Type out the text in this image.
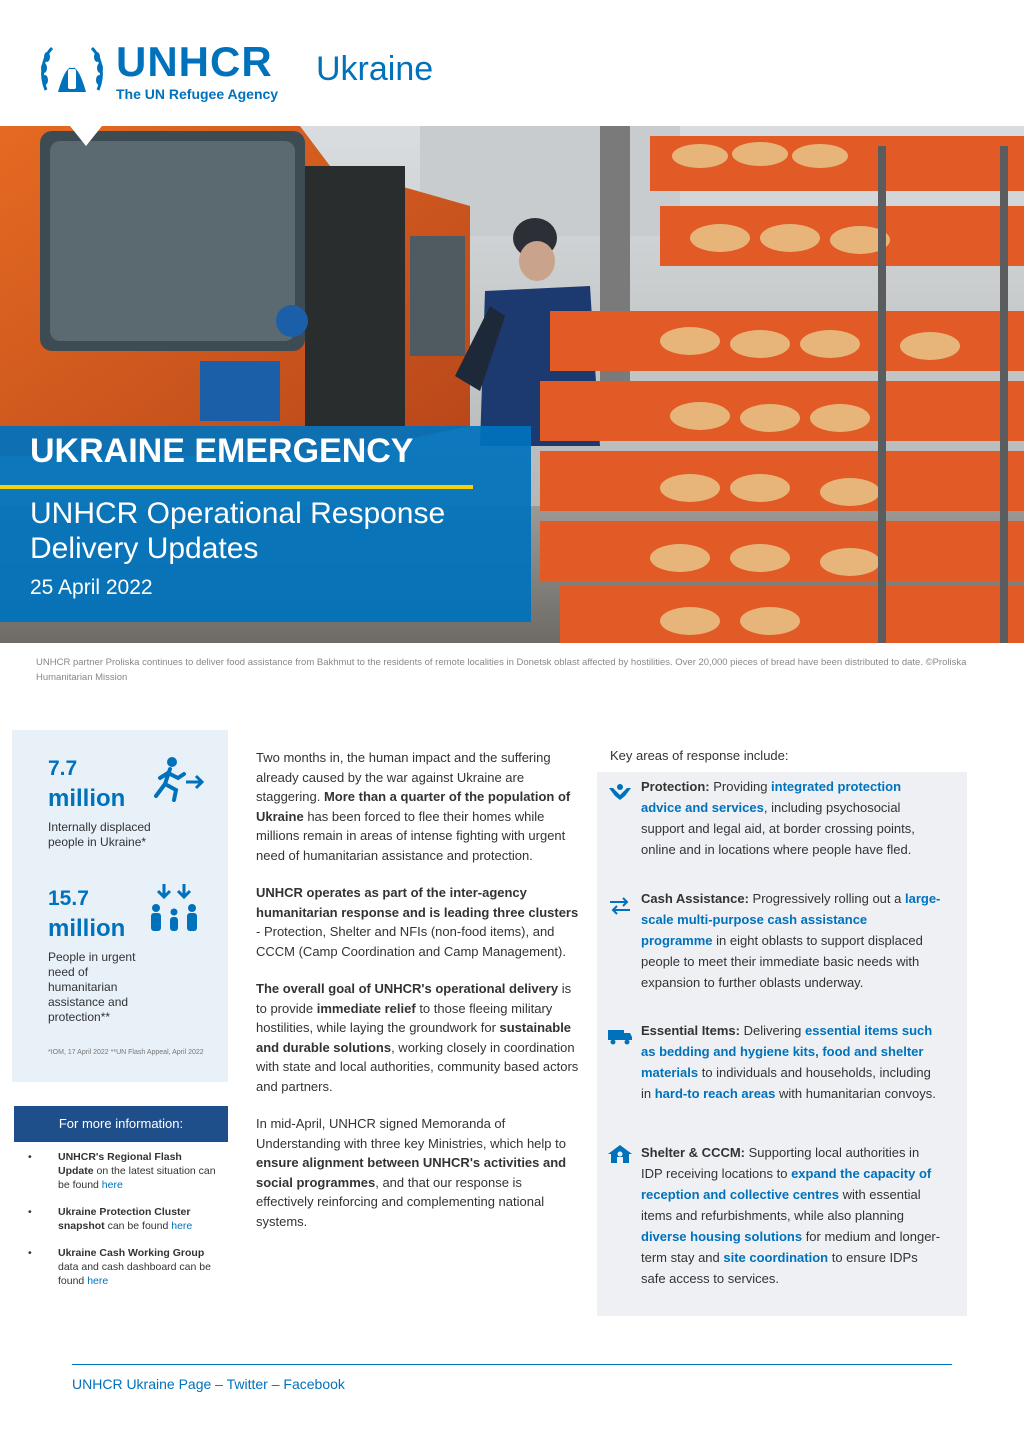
UNHCR
The UN Refugee Agency
Ukraine
UKRAINE EMERGENCY
UNHCR Operational Response
Delivery Updates
25 April 2022
UNHCR partner Proliska continues to deliver food assistance from Bakhmut to the residents of remote localities in Donetsk oblast affected by hostilities. Over 20,000 pieces of bread have been distributed to date. ©Proliska Humanitarian Mission
7.7
million
Internally displaced people in Ukraine*
15.7
million
People in urgent need of humanitarian assistance and protection**
*IOM, 17 April 2022 **UN Flash Appeal, April 2022
For more information:
• UNHCR's Regional Flash Update on the latest situation can be found here
• Ukraine Protection Cluster snapshot can be found here
• Ukraine Cash Working Group data and cash dashboard can be found here

Two months in, the human impact and the suffering already caused by the war against Ukraine are staggering. More than a quarter of the population of Ukraine has been forced to flee their homes while millions remain in areas of intense fighting with urgent need of humanitarian assistance and protection.

UNHCR operates as part of the inter-agency humanitarian response and is leading three clusters - Protection, Shelter and NFIs (non-food items), and CCCM (Camp Coordination and Camp Management).

The overall goal of UNHCR's operational delivery is to provide immediate relief to those fleeing military hostilities, while laying the groundwork for sustainable and durable solutions, working closely in coordination with state and local authorities, community based actors and partners.

In mid-April, UNHCR signed Memoranda of Understanding with three key Ministries, which help to ensure alignment between UNHCR's activities and social programmes, and that our response is effectively reinforcing and complementing national systems.

Key areas of response include:
Protection: Providing integrated protection advice and services, including psychosocial support and legal aid, at border crossing points, online and in locations where people have fled.
Cash Assistance: Progressively rolling out a large-scale multi-purpose cash assistance programme in eight oblasts to support displaced people to meet their immediate basic needs with expansion to further oblasts underway.
Essential Items: Delivering essential items such as bedding and hygiene kits, food and shelter materials to individuals and households, including in hard-to reach areas with humanitarian convoys.
Shelter & CCCM: Supporting local authorities in IDP receiving locations to expand the capacity of reception and collective centres with essential items and refurbishments, while also planning diverse housing solutions for medium and longer-term stay and site coordination to ensure IDPs safe access to services.
UNHCR Ukraine Page – Twitter – Facebook
